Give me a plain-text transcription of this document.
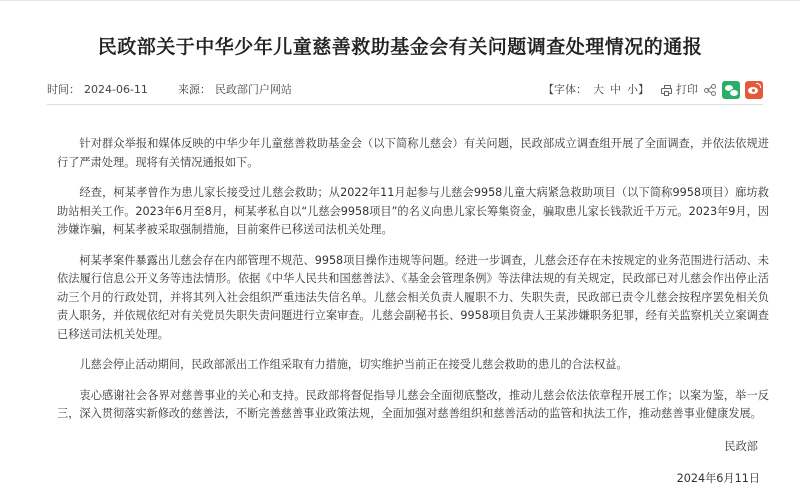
民政部关于中华少年儿童慈善救助基金会有关问题调查处理情况的通报
时间： 2024-06-11	来源： 民政部门户网站	【字体： 大 中 小】 打印

针对群众举报和媒体反映的中华少年儿童慈善救助基金会（以下简称儿慈会）有关问题，民政部成立调查组开展了全面调查，并依法依规进行了严肃处理。现将有关情况通报如下。

经查，柯某孝曾作为患儿家长接受过儿慈会救助；从2022年11月起参与儿慈会9958儿童大病紧急救助项目（以下简称9958项目）廊坊救助站相关工作。2023年6月至8月，柯某孝私自以“儿慈会9958项目”的名义向患儿家长筹集资金，骗取患儿家长钱款近千万元。2023年9月，因涉嫌诈骗，柯某孝被采取强制措施，目前案件已移送司法机关处理。

柯某孝案件暴露出儿慈会存在内部管理不规范、9958项目操作违规等问题。经进一步调查，儿慈会还存在未按规定的业务范围进行活动、未依法履行信息公开义务等违法情形。依据《中华人民共和国慈善法》、《基金会管理条例》等法律法规的有关规定，民政部已对儿慈会作出停止活动三个月的行政处罚，并将其列入社会组织严重违法失信名单。儿慈会相关负责人履职不力、失职失责，民政部已责令儿慈会按程序罢免相关负责人职务，并依规依纪对有关党员失职失责问题进行立案审查。儿慈会副秘书长、9958项目负责人王某涉嫌职务犯罪，经有关监察机关立案调查已移送司法机关处理。

儿慈会停止活动期间，民政部派出工作组采取有力措施，切实维护当前正在接受儿慈会救助的患儿的合法权益。

衷心感谢社会各界对慈善事业的关心和支持。民政部将督促指导儿慈会全面彻底整改，推动儿慈会依法依章程开展工作；以案为鉴，举一反三，深入贯彻落实新修改的慈善法，不断完善慈善事业政策法规，全面加强对慈善组织和慈善活动的监管和执法工作，推动慈善事业健康发展。

民政部
2024年6月11日
